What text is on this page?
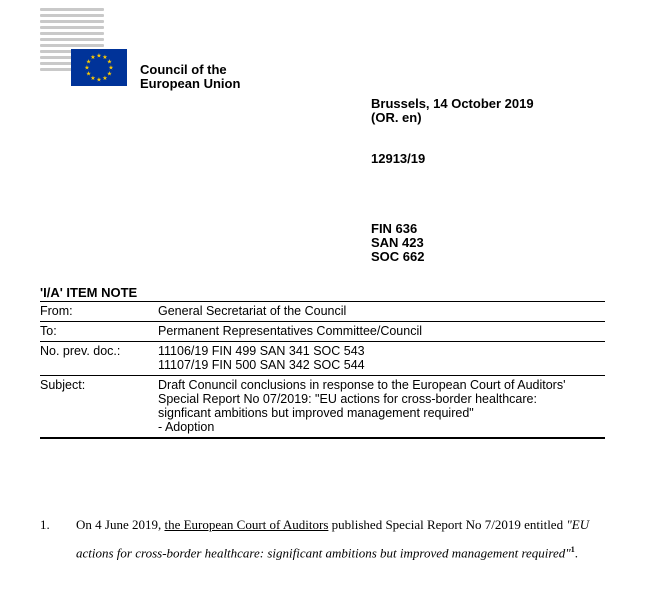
★ ★
★
★
★
★
★
★
★
★
★
★
Council of the
European Union
Brussels, 14 October 2019
(OR. en)
12913/19
FIN 636
SAN 423
SOC 662
'I/A' ITEM NOTE
From:	General Secretariat of the Council

To:	Permanent Representatives Committee/Council

No. prev. doc.:	11106/19 FIN 499 SAN 341 SOC 543
11107/19 FIN 500 SAN 342 SOC 544

Subject:	Draft Conuncil conclusions in response to the European Court of Auditors'
Special Report No 07/2019: "EU actions for cross-border healthcare:
signficant ambitions but improved management required"
- Adoption
1. On 4 June 2019, the European Court of Auditors published Special Report No 7/2019 entitled "EU actions for cross-border healthcare: significant ambitions but improved management required"$^1$.
